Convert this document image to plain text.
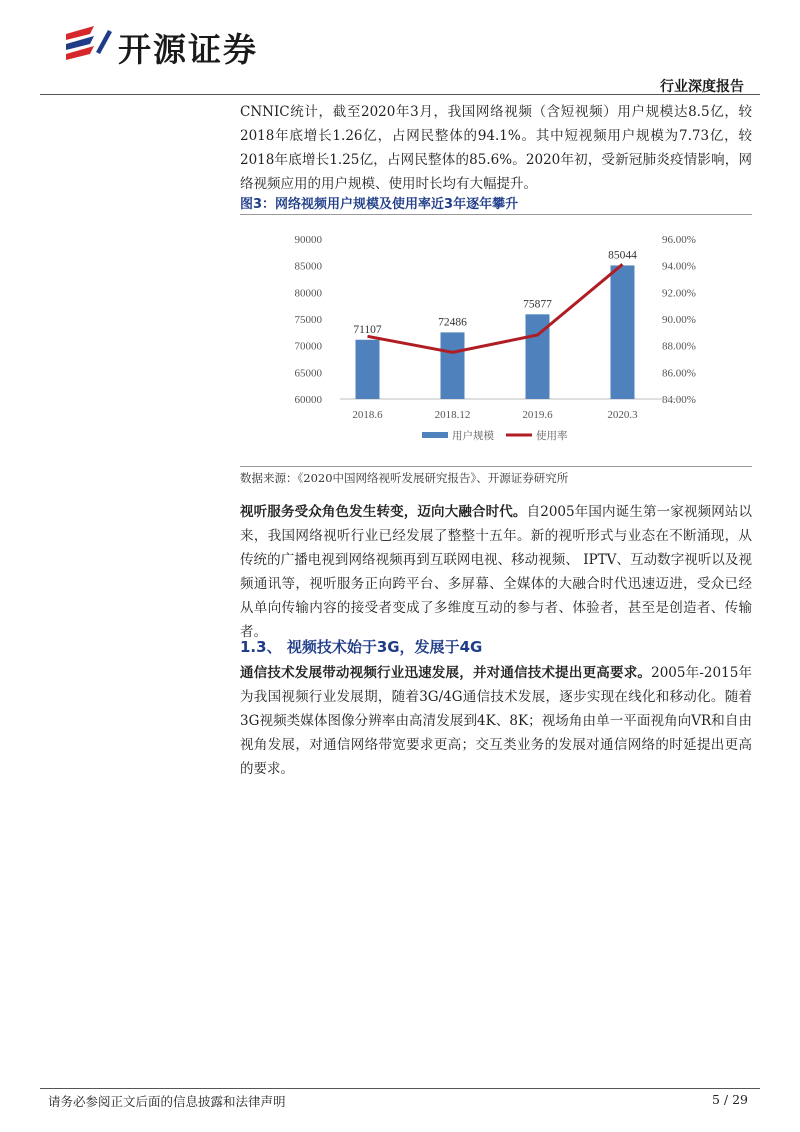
开源证券
行业深度报告
CNNIC统计，截至2020年3月，我国网络视频（含短视频）用户规模达8.5亿，较2018年底增长1.26亿，占网民整体的94.1%。其中短视频用户规模为7.73亿，较2018年底增长1.25亿，占网民整体的85.6%。2020年初，受新冠肺炎疫情影响，网络视频应用的用户规模、使用时长均有大幅提升。
图3：网络视频用户规模及使用率近3年逐年攀升
60000
65000
70000
75000
80000
85000
90000
84.00%
86.00%
88.00%
90.00%
92.00%
94.00%
96.00%
71107
72486
75877
85044
2018.6	2018.12	2019.6	2020.3
用户规模	使用率
数据来源：《2020中国网络视听发展研究报告》、开源证券研究所
视听服务受众角色发生转变，迈向大融合时代。自2005年国内诞生第一家视频网站以来，我国网络视听行业已经发展了整整十五年。新的视听形式与业态在不断涌现，从传统的广播电视到网络视频再到互联网电视、移动视频、 IPTV、互动数字视听以及视频通讯等，视听服务正向跨平台、多屏幕、全媒体的大融合时代迅速迈进，受众已经从单向传输内容的接受者变成了多维度互动的参与者、体验者，甚至是创造者、传输者。
1.3、 视频技术始于3G，发展于4G
通信技术发展带动视频行业迅速发展，并对通信技术提出更高要求。2005年-2015年为我国视频行业发展期，随着3G/4G通信技术发展，逐步实现在线化和移动化。随着3G视频类媒体图像分辨率由高清发展到4K、8K；视场角由单一平面视角向VR和自由视角发展，对通信网络带宽要求更高；交互类业务的发展对通信网络的时延提出更高的要求。
请务必参阅正文后面的信息披露和法律声明	5 / 29
